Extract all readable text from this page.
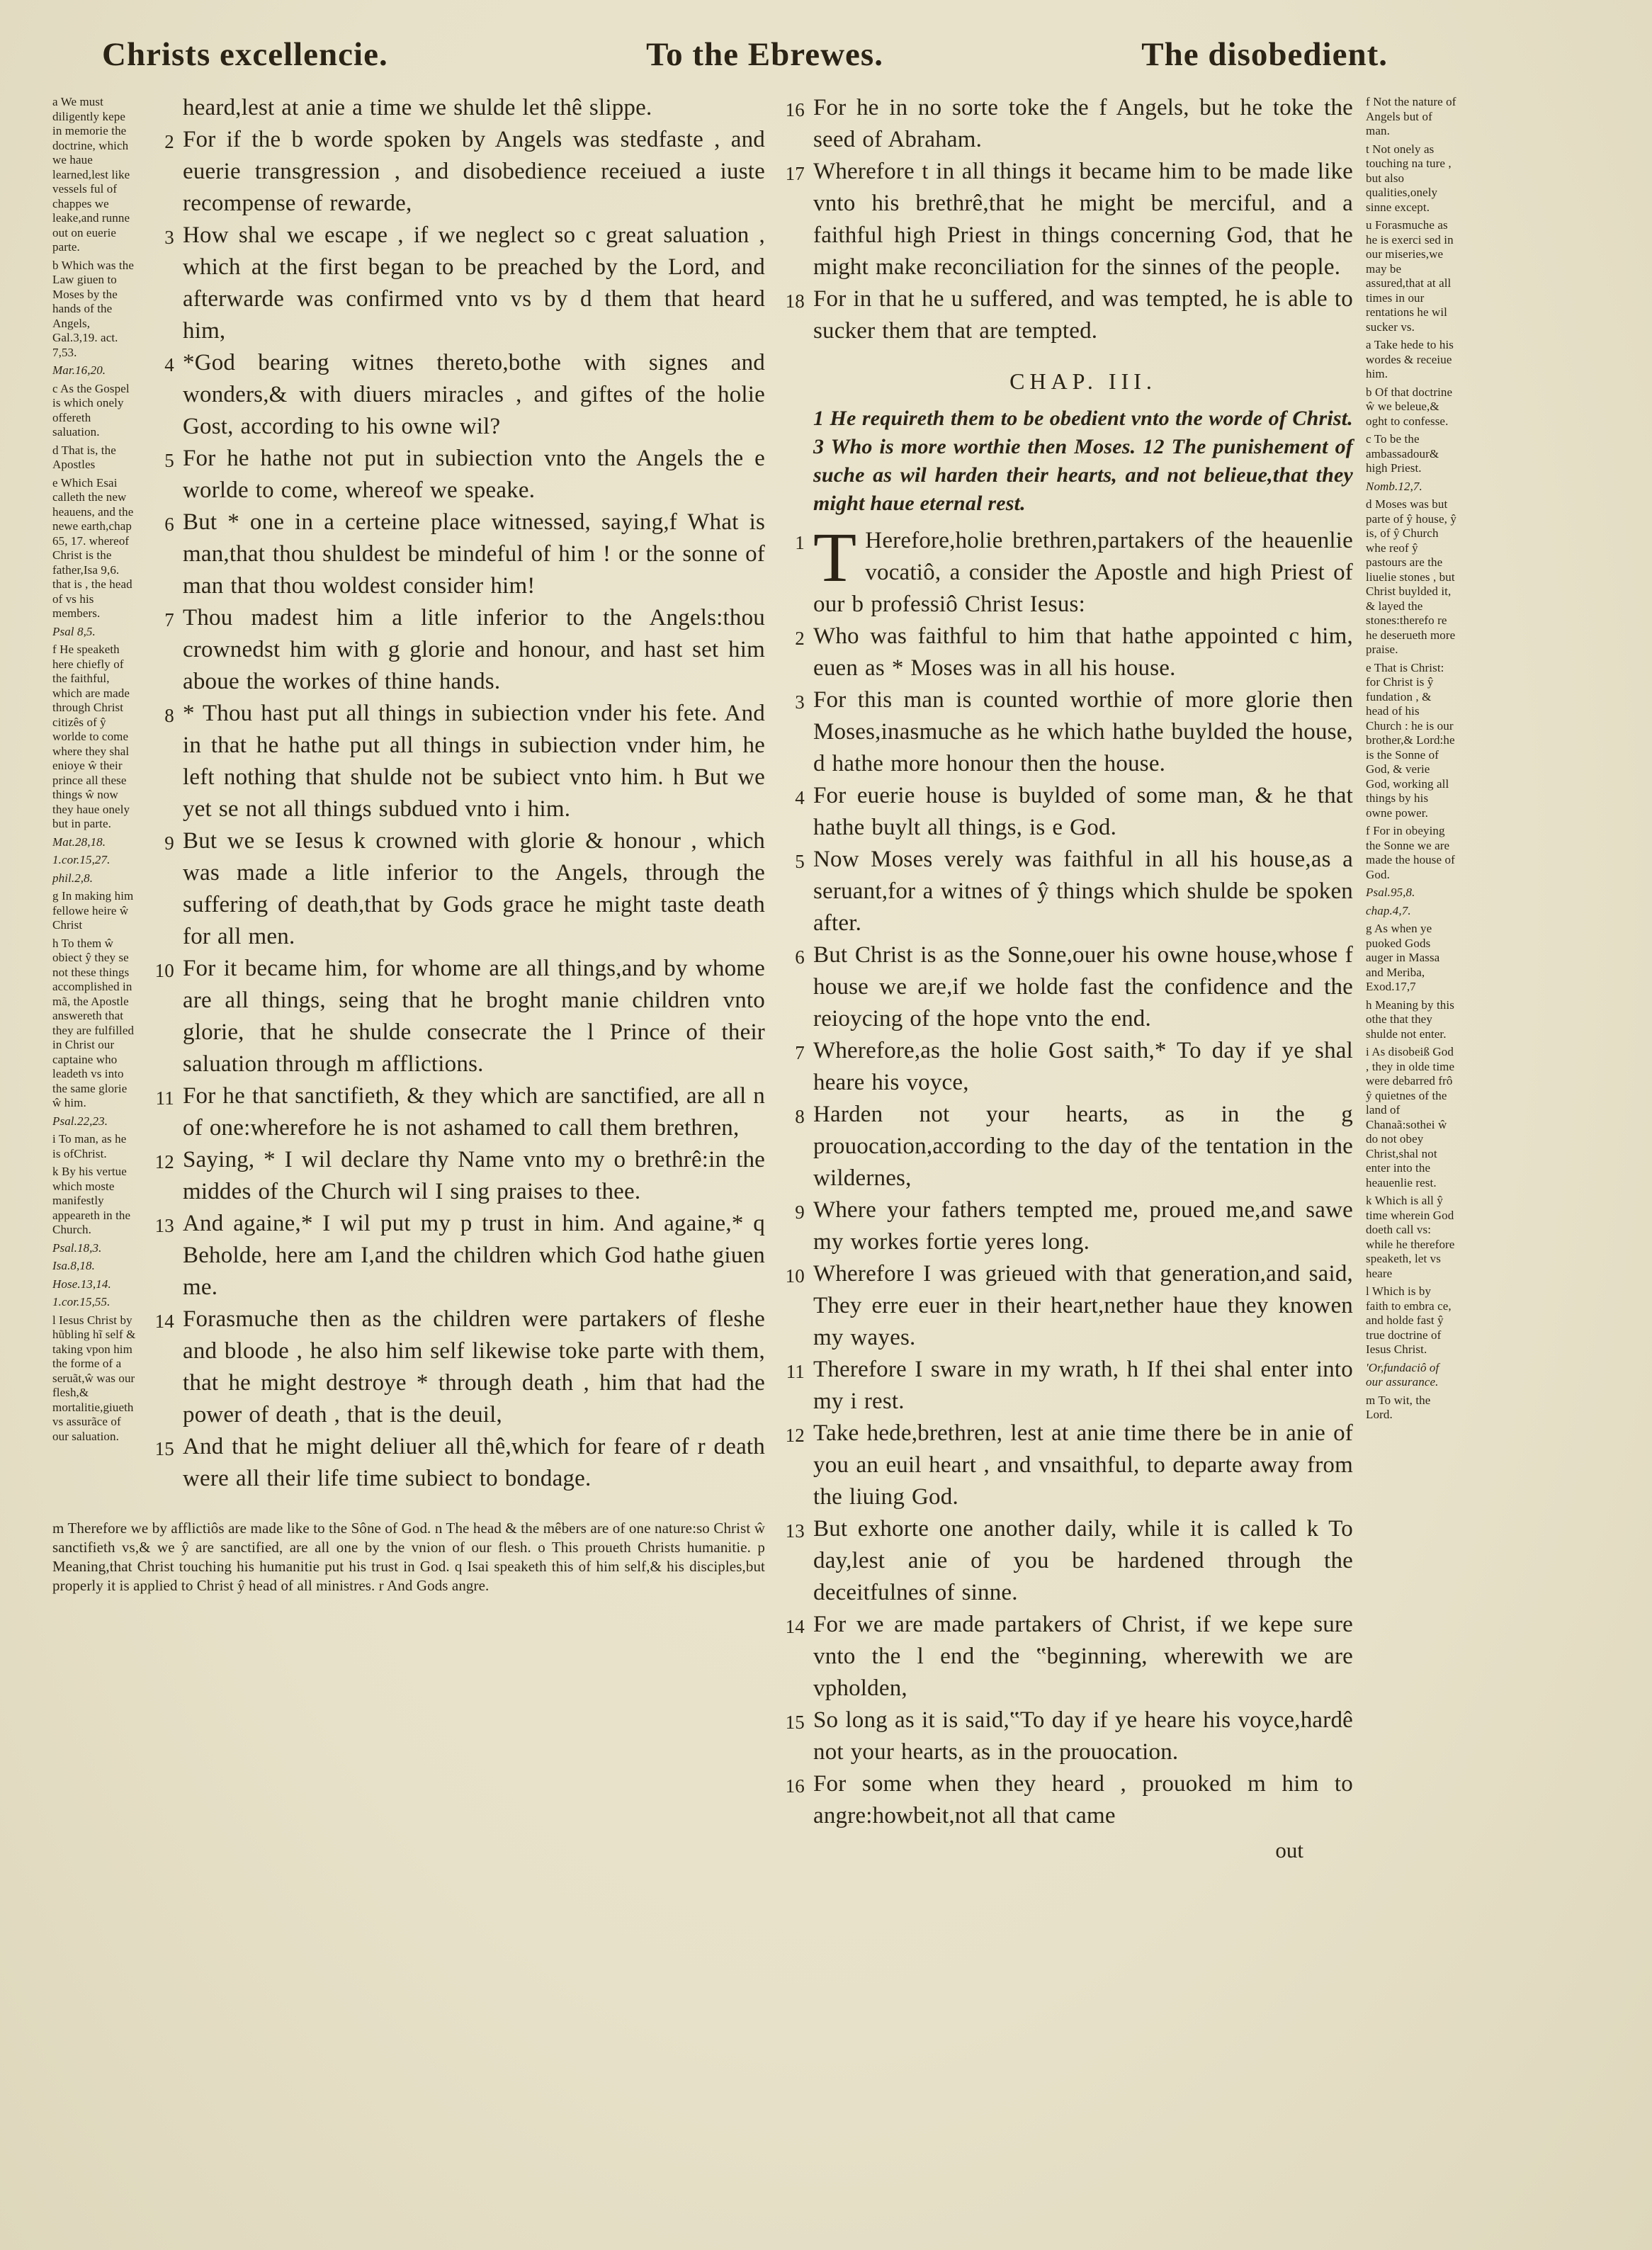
Christs excellencie.	To the Ebrewes.	The disobedient.
a We must diligently kepe in memorie the doctrine, which we haue learned,lest like vessels ful of chappes we leake,and runne out on euerie parte.
b Which was the Law giuen to Moses by the hands of the Angels, Gal.3,19. act. 7,53.
Mar.16,20.
c As the Gospel is which onely offereth saluation.
d That is, the Apostles
e Which Esai calleth the new heauens, and the newe earth,chap 65, 17. whereof Christ is the father,Isa 9,6. that is , the head of vs his members.
Psal 8,5.
f He speaketh here chiefly of the faithful, which are made through Christ citizês of ŷ worlde to come where they shal enioye ŵ their prince all these things ŵ now they haue onely but in parte.
Mat.28,18.
1.cor.15,27.
phil.2,8.
g In making him fellowe heire ŵ Christ
h To them ŵ obiect ŷ they se not these things accomplished in mã, the Apostle answereth that they are fulfilled in Christ our captaine who leadeth vs into the same glorie ŵ him.
Psal.22,23.
i To man, as he is ofChrist.
k By his vertue which moste manifestly appeareth in the Church.
Psal.18,3.
Isa.8,18.
Hose.13,14.
1.cor.15,55.
l Iesus Christ by hũbling hĩ self & taking vpon him the forme of a seruãt,ŵ was our flesh,& mortalitie,giueth vs assurãce of our saluation.
heard,lest at anie a time we shulde let thê slippe.
2 For if the b worde spoken by Angels was stedfaste , and euerie transgression , and disobedience receiued a iuste recompense of rewarde,
3 How shal we escape , if we neglect so c great saluation , which at the first began to be preached by the Lord, and afterwarde was confirmed vnto vs by d them that heard him,
4 *God bearing witnes thereto,bothe with signes and wonders,& with diuers miracles , and giftes of the holie Gost, according to his owne wil?
5 For he hathe not put in subiection vnto the Angels the e worlde to come, whereof we speake.
6 But * one in a certeine place witnessed, saying,f What is man,that thou shuldest be mindeful of him ! or the sonne of man that thou woldest consider him!
7 Thou madest him a litle inferior to the Angels:thou crownedst him with g glorie and honour, and hast set him aboue the workes of thine hands.
8 * Thou hast put all things in subiection vnder his fete. And in that he hathe put all things in subiection vnder him, he left nothing that shulde not be subiect vnto him. h But we yet se not all things subdued vnto i him.
9 But we se Iesus k crowned with glorie & honour , which was made a litle inferior to the Angels, through the suffering of death,that by Gods grace he might taste death for all men.
10 For it became him, for whome are all things,and by whome are all things, seing that he broght manie children vnto glorie, that he shulde consecrate the l Prince of their saluation through m afflictions.
11 For he that sanctifieth, & they which are sanctified, are all n of one:wherefore he is not ashamed to call them brethren,
12 Saying, * I wil declare thy Name vnto my o brethrê:in the middes of the Church wil I sing praises to thee.
13 And againe,* I wil put my p trust in him. And againe,* q Beholde, here am I,and the children which God hathe giuen me.
14 Forasmuche then as the children were partakers of fleshe and bloode , he also him self likewise toke parte with them, that he might destroye * through death , him that had the power of death , that is the deuil,
15 And that he might deliuer all thê,which for feare of r death were all their life time subiect to bondage.
m Therefore we by afflictiôs are made like to the Sône of God. n The head & the mêbers are of one nature:so Christ ŵ sanctifieth vs,& we ŷ are sanctified, are all one by the vnion of our flesh. o This proueth Christs humanitie. p Meaning,that Christ touching his humanitie put his trust in God. q Isai speaketh this of him self,& his disciples,but properly it is applied to Christ ŷ head of all ministres. r And Gods angre.
16 For he in no sorte toke the f Angels, but he toke the seed of Abraham.
17 Wherefore t in all things it became him to be made like vnto his brethrê,that he might be merciful, and a faithful high Priest in things concerning God, that he might make reconciliation for the sinnes of the people.
18 For in that he u suffered, and was tempted, he is able to sucker them that are tempted.
CHAP. III.
1 He requireth them to be obedient vnto the worde of Christ. 3 Who is more worthie then Moses. 12 The punishement of suche as wil harden their hearts, and not belieue,that they might haue eternal rest.
1 T Herefore,holie brethren,partakers of the heauenlie vocatiô, a consider the Apostle and high Priest of our b professiô Christ Iesus:
2 Who was faithful to him that hathe appointed c him, euen as * Moses was in all his house.
3 For this man is counted worthie of more glorie then Moses,inasmuche as he which hathe buylded the house, d hathe more honour then the house.
4 For euerie house is buylded of some man, & he that hathe buylt all things, is e God.
5 Now Moses verely was faithful in all his house,as a seruant,for a witnes of ŷ things which shulde be spoken after.
6 But Christ is as the Sonne,ouer his owne house,whose f house we are,if we holde fast the confidence and the reioycing of the hope vnto the end.
7 Wherefore,as the holie Gost saith,* To day if ye shal heare his voyce,
8 Harden not your hearts, as in the g prouocation,according to the day of the tentation in the wildernes,
9 Where your fathers tempted me, proued me,and sawe my workes fortie yeres long.
10 Wherefore I was grieued with that generation,and said, They erre euer in their heart,nether haue they knowen my wayes.
11 Therefore I sware in my wrath, h If thei shal enter into my i rest.
12 Take hede,brethren, lest at anie time there be in anie of you an euil heart , and vnsaithful, to departe away from the liuing God.
13 But exhorte one another daily, while it is called k To day,lest anie of you be hardened through the deceitfulnes of sinne.
14 For we are made partakers of Christ, if we kepe sure vnto the l end the ‟beginning, wherewith we are vpholden,
15 So long as it is said,‟To day if ye heare his voyce,hardê not your hearts, as in the prouocation.
16 For some when they heard , prouoked m him to angre:howbeit,not all that came
out
f Not the nature of Angels but of man.
t Not onely as touching na ture , but also qualities,onely sinne except.
u Forasmuche as he is exerci sed in our miseries,we may be assured,that at all times in our rentations he wil sucker vs.
a Take hede to his wordes & receiue him.
b Of that doctrine ŵ we beleue,& oght to confesse.
c To be the ambassadour& high Priest.
Nomb.12,7.
d Moses was but parte of ŷ house, ŷ is, of ŷ Church whe reof ŷ pastours are the liuelie stones , but Christ buylded it, & layed the stones:therefo re he deserueth more praise.
e That is Christ: for Christ is ŷ fundation , & head of his Church : he is our brother,& Lord:he is the Sonne of God, & verie God, working all things by his owne power.
f For in obeying the Sonne we are made the house of God.
Psal.95,8.
chap.4,7.
g As when ye puoked Gods auger in Massa and Meriba, Exod.17,7
h Meaning by this othe that they shulde not enter.
i As disobeiß God , they in olde time were debarred frô ŷ quietnes of the land of Chanaã:sothei ŵ do not obey Christ,shal not enter into the heauenlie rest.
k Which is all ŷ time wherein God doeth call vs: while he therefore speaketh, let vs heare
l Which is by faith to embra ce, and holde fast ŷ true doctrine of Iesus Christ.
'Or,fundaciô of our assurance.
m To wit, the Lord.
